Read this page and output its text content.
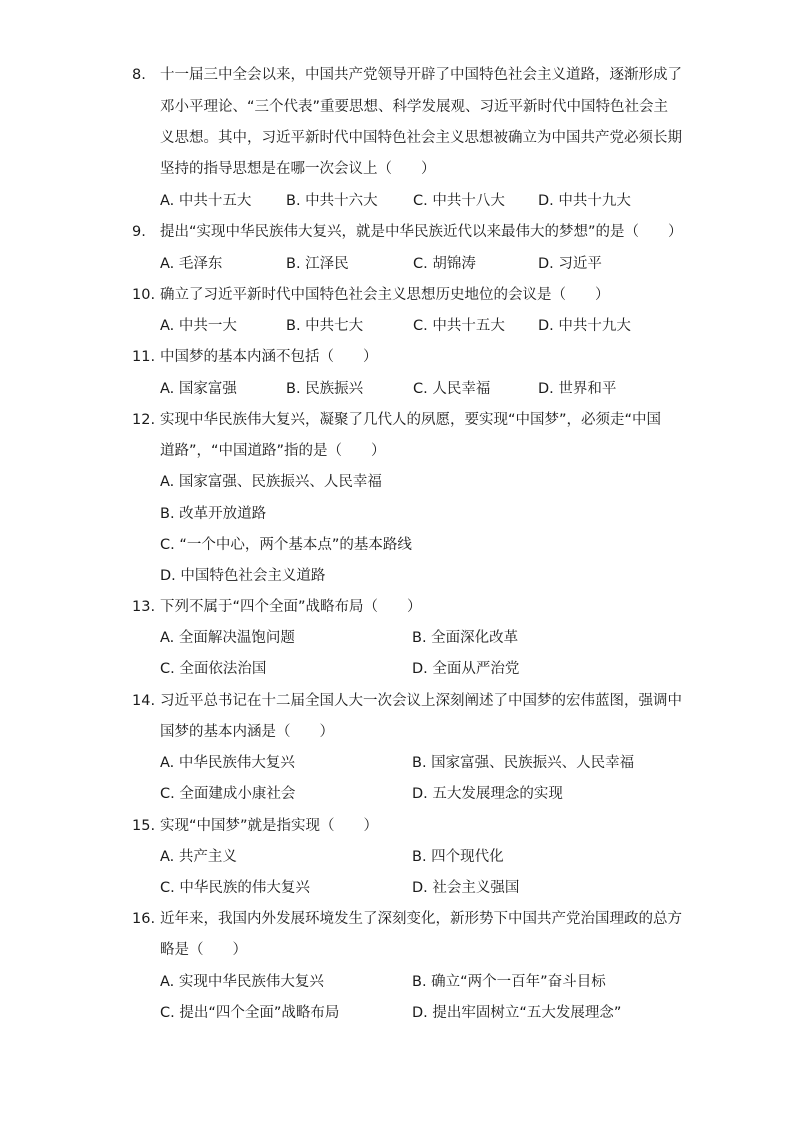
8. 十一届三中全会以来，中国共产党领导开辟了中国特色社会主义道路，逐渐形成了
邓小平理论、“三个代表”重要思想、科学发展观、习近平新时代中国特色社会主
义思想。其中，习近平新时代中国特色社会主义思想被确立为中国共产党必须长期
坚持的指导思想是在哪一次会议上（　　）
A. 中共十五大 B. 中共十六大 C. 中共十八大 D. 中共十九大
9. 提出“实现中华民族伟大复兴，就是中华民族近代以来最伟大的梦想”的是（　　）
A. 毛泽东	B. 江泽民	C. 胡锦涛	D. 习近平
10. 确立了习近平新时代中国特色社会主义思想历史地位的会议是（　　）
A. 中共一大	B. 中共七大	C. 中共十五大 D. 中共十九大
11. 中国梦的基本内涵不包括（　　）
A. 国家富强	B. 民族振兴	C. 人民幸福	D. 世界和平
12. 实现中华民族伟大复兴，凝聚了几代人的夙愿，要实现“中国梦”，必须走“中国
道路”，“中国道路”指的是（　　）
A. 国家富强、民族振兴、人民幸福
B. 改革开放道路
C. “一个中心，两个基本点”的基本路线
D. 中国特色社会主义道路
13. 下列不属于“四个全面”战略布局（　　）
A. 全面解决温饱问题	B. 全面深化改革
C. 全面依法治国	D. 全面从严治党
14. 习近平总书记在十二届全国人大一次会议上深刻阐述了中国梦的宏伟蓝图，强调中
国梦的基本内涵是（　　）
A. 中华民族伟大复兴	B. 国家富强、民族振兴、人民幸福
C. 全面建成小康社会	D. 五大发展理念的实现
15. 实现“中国梦”就是指实现（　　）
A. 共产主义	B. 四个现代化
C. 中华民族的伟大复兴	D. 社会主义强国
16. 近年来，我国内外发展环境发生了深刻变化，新形势下中国共产党治国理政的总方
略是（　　）
A. 实现中华民族伟大复兴	B. 确立“两个一百年”奋斗目标
C. 提出“四个全面”战略布局	D. 提出牢固树立“五大发展理念”
